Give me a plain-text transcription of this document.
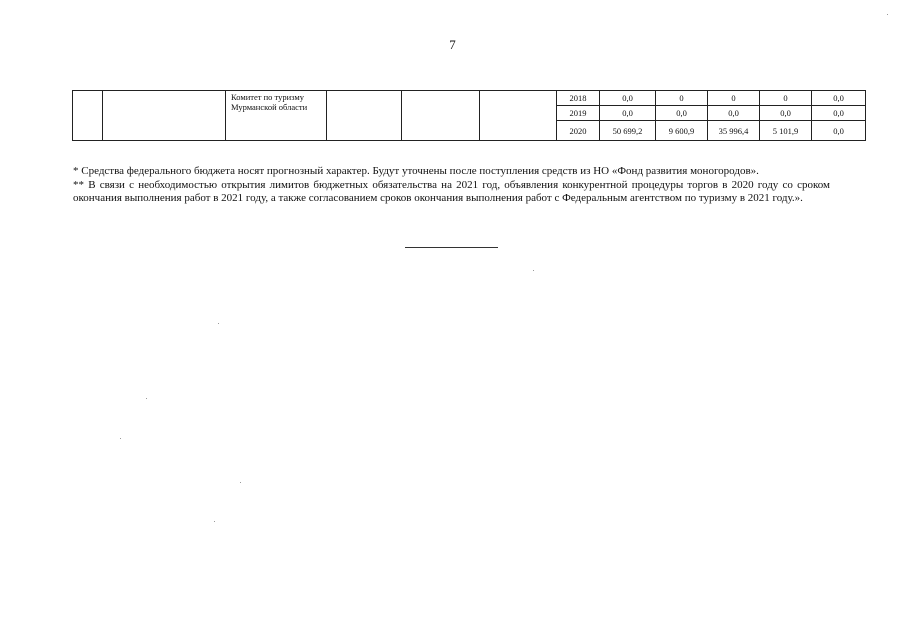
7
		Комитет по туризму Мурманской области				2018	0,0	0	0	0	0,0
						2019	0,0	0,0	0,0	0,0	0,0
						2020	50 699,2	9 600,9	35 996,4	5 101,9	0,0

* Средства федерального бюджета носят прогнозный характер. Будут уточнены после поступления средств из НО «Фонд развития моногородов».

** В связи с необходимостью открытия лимитов бюджетных обязательства на 2021 год, объявления конкурентной процедуры торгов в 2020 году со сроком окончания выполнения работ в 2021 году, а также согласованием сроков окончания выполнения работ с Федеральным агентством по туризму в 2021 году.».
